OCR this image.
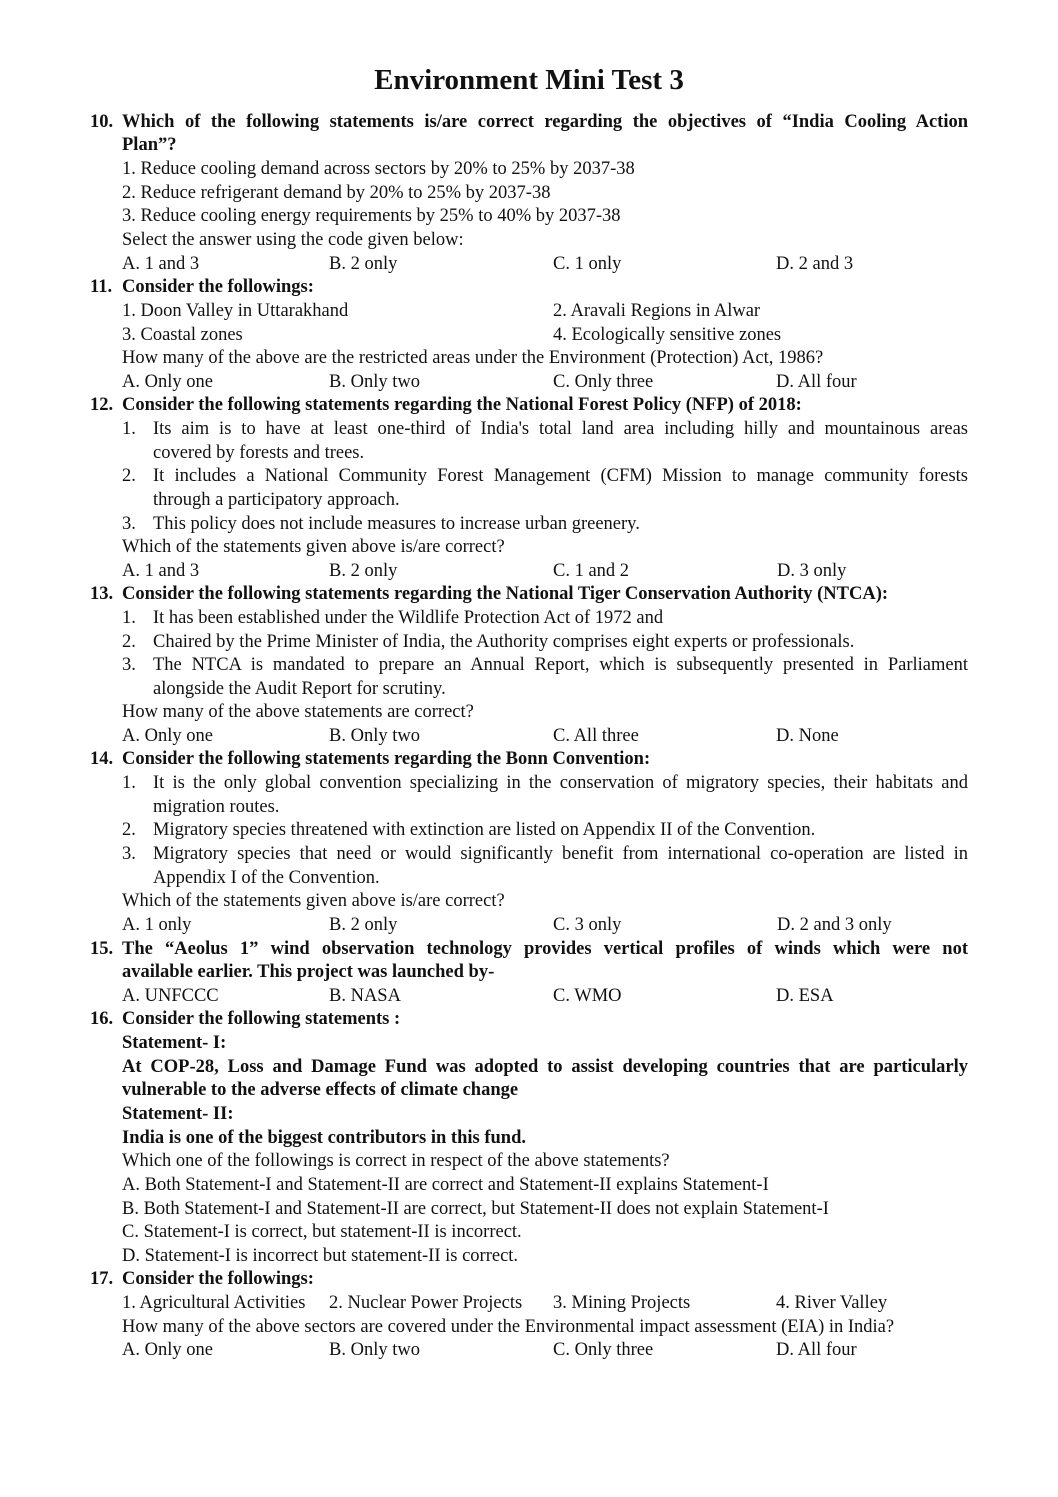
Environment Mini Test 3
10. Which of the following statements is/are correct regarding the objectives of “India Cooling Action
Plan”?
1. Reduce cooling demand across sectors by 20% to 25% by 2037-38
2. Reduce refrigerant demand by 20% to 25% by 2037-38
3. Reduce cooling energy requirements by 25% to 40% by 2037-38
Select the answer using the code given below:
A. 1 and 3	B. 2 only	C. 1 only	D. 2 and 3
11. Consider the followings:
1. Doon Valley in Uttarakhand	2. Aravali Regions in Alwar
3. Coastal zones	4. Ecologically sensitive zones
How many of the above are the restricted areas under the Environment (Protection) Act, 1986?
A. Only one	B. Only two	C. Only three	D. All four
12. Consider the following statements regarding the National Forest Policy (NFP) of 2018:
1. Its aim is to have at least one-third of India's total land area including hilly and mountainous areas
covered by forests and trees.
2. It includes a National Community Forest Management (CFM) Mission to manage community forests
through a participatory approach.
3. This policy does not include measures to increase urban greenery.
Which of the statements given above is/are correct?
A. 1 and 3	B. 2 only	C. 1 and 2	D. 3 only
13. Consider the following statements regarding the National Tiger Conservation Authority (NTCA):
1. It has been established under the Wildlife Protection Act of 1972 and
2. Chaired by the Prime Minister of India, the Authority comprises eight experts or professionals.
3. The NTCA is mandated to prepare an Annual Report, which is subsequently presented in Parliament
alongside the Audit Report for scrutiny.
How many of the above statements are correct?
A. Only one	B. Only two	C. All three	D. None
14. Consider the following statements regarding the Bonn Convention:
1. It is the only global convention specializing in the conservation of migratory species, their habitats and
migration routes.
2. Migratory species threatened with extinction are listed on Appendix II of the Convention.
3. Migratory species that need or would significantly benefit from international co-operation are listed in
Appendix I of the Convention.
Which of the statements given above is/are correct?
A. 1 only	B. 2 only	C. 3 only	D. 2 and 3 only
15. The “Aeolus 1” wind observation technology provides vertical profiles of winds which were not
available earlier. This project was launched by-
A. UNFCCC	B. NASA	C. WMO	D. ESA
16. Consider the following statements :
Statement- I:
At COP-28, Loss and Damage Fund was adopted to assist developing countries that are particularly
vulnerable to the adverse effects of climate change
Statement- II:
India is one of the biggest contributors in this fund.
Which one of the followings is correct in respect of the above statements?
A. Both Statement-I and Statement-II are correct and Statement-II explains Statement-I
B. Both Statement-I and Statement-II are correct, but Statement-II does not explain Statement-I
C. Statement-I is correct, but statement-II is incorrect.
D. Statement-I is incorrect but statement-II is correct.
17. Consider the followings:
1. Agricultural Activities 2. Nuclear Power Projects 3. Mining Projects	4. River Valley
How many of the above sectors are covered under the Environmental impact assessment (EIA) in India?
A. Only one	B. Only two	C. Only three	D. All four
